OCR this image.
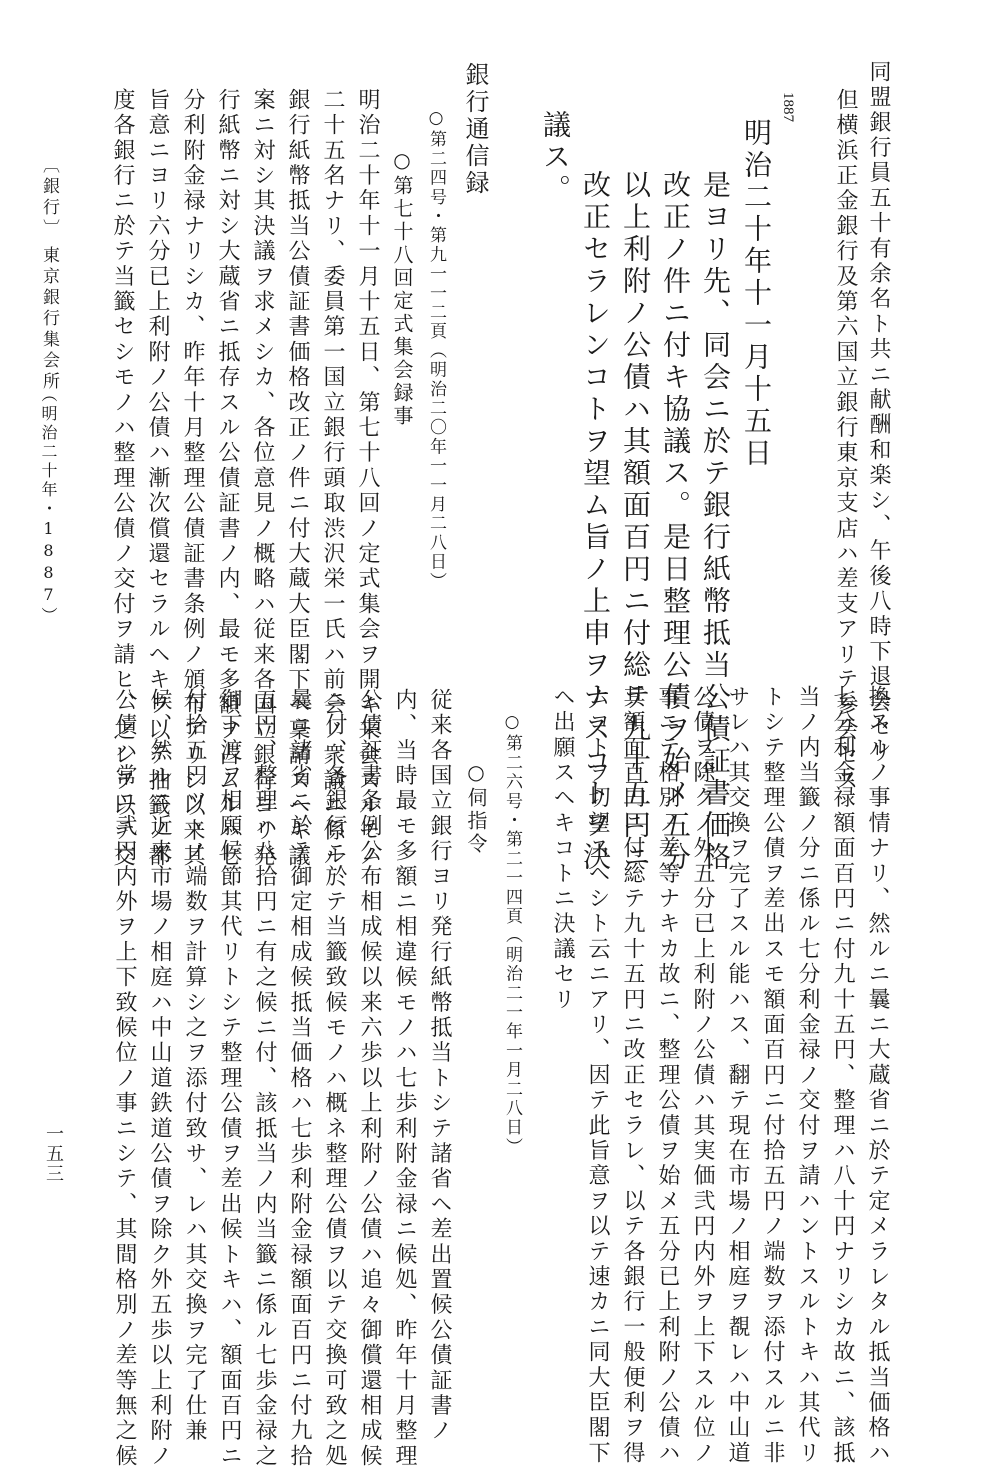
同盟銀行員五十有余名ト共ニ献酬和楽シ、午後八時下退会セリ
但横浜正金銀行及第六国立銀行東京支店ハ差支アリテ参会セス
1887
明治二十年十一月十五日
是ヨリ先、同会ニ於テ銀行紙幣抵当公債証書価格
改正ノ件ニ付キ協議ス。是日整理公債ヲ始メ五分
以上利附ノ公債ハ其額面百円ニ付総テ九十五円ニ
改正セラレンコトヲ望ム旨ノ上申ヲナスコトヲ決
議ス。
銀行通信録
○第二四号・第九一一二頁（明治二〇年一一月二八日）
○第七十八回定式集会録事
明治二十年十一月十五日、第七十八回ノ定式集会ヲ開キ来会スルモノ
二十五名ナリ、委員第一国立銀行頭取渋沢栄一氏ハ前会ノ衆議ニ係ル
銀行紙幣抵当公債証書価格改正ノ件ニ付大蔵大臣閣下ヘ稟請スヘキ議
案ニ対シ其決議ヲ求メシカ、各位意見ノ概略ハ従来各国立銀行ヨリ発
行紙幣ニ対シ大蔵省ニ抵存スル公債証書ノ内、最モ多額ヲ占ムルハ七
分利附金禄ナリシカ、昨年十月整理公債証書条例ノ頒布アリシ以来其
旨意ニヨリ六分已上利附ノ公債ハ漸次償還セラルヘキヲ以テ抽籤ノ都
度各銀行ニ於テ当籤セシモノハ整理公債ノ交付ヲ請ヒ、之レヲ以テ交
〔銀行〕
東京銀行集会所
（明治二十年・1887）
換スルノ事情ナリ、然ルニ曩ニ大蔵省ニ於テ定メラレタル抵当価格ハ
七分利金禄額面百円ニ付九十五円、整理ハ八十円ナリシカ故ニ、該抵
当ノ内当籤ノ分ニ係ル七分利金禄ノ交付ヲ請ハントスルトキハ其代リ
トシテ整理公債ヲ差出スモ額面百円ニ付拾五円ノ端数ヲ添付スルニ非
サレハ其交換ヲ完了スル能ハス、翻テ現在市場ノ相庭ヲ覩レハ中山道
公債ヲ除クノ外五分已上利附ノ公債ハ其実価弐円内外ヲ上下スル位ノ
事ニテ格別ノ差等ナキカ故ニ、整理公債ヲ始メ五分已上利附ノ公債ハ
其額面百円ニ付総テ九十五円ニ改正セラレ、以テ各銀行一般便利ヲ得
ムコトヲ切望スヘシト云ニアリ、因テ此旨意ヲ以テ速カニ同大臣閣下
ヘ出願スヘキコトニ決議セリ
○第二六号・第二一四頁（明治二一年一月二八日）
○伺指令
従来各国立銀行ヨリ発行紙幣抵当トシテ諸省ヘ差出置候公債証書ノ
内、当時最モ多額ニ相違候モノハ七歩利附金禄ニ候処、昨年十月整理
公債証書条例公布相成候以来六歩以上利附ノ公債ハ追々御償還相成候
ニ付、各銀行ニ於テ当籤致候モノハ概ネ整理公債ヲ以テ交換可致之処
曩ニ諸省ニ於テ御定相成候抵当価格ハ七歩利附金禄額面百円ニ付九拾
五円、整理ハ八拾円ニ有之候ニ付、該抵当ノ内当籤ニ係ル七歩金禄之
御下渡ヲ相願候節其代リトシテ整理公債ヲ差出候トキハ、額面百円ニ
付拾五円ツヽノ端数ヲ計算シ之ヲ添付致サ、レハ其交換ヲ完了仕兼
候、然ルニ近来市場ノ相庭ハ中山道鉄道公債ヲ除ク外五歩以上利附ノ
公債ハ常ニ弐円内外ヲ上下致候位ノ事ニシテ、其間格別ノ差等無之候
一五三
